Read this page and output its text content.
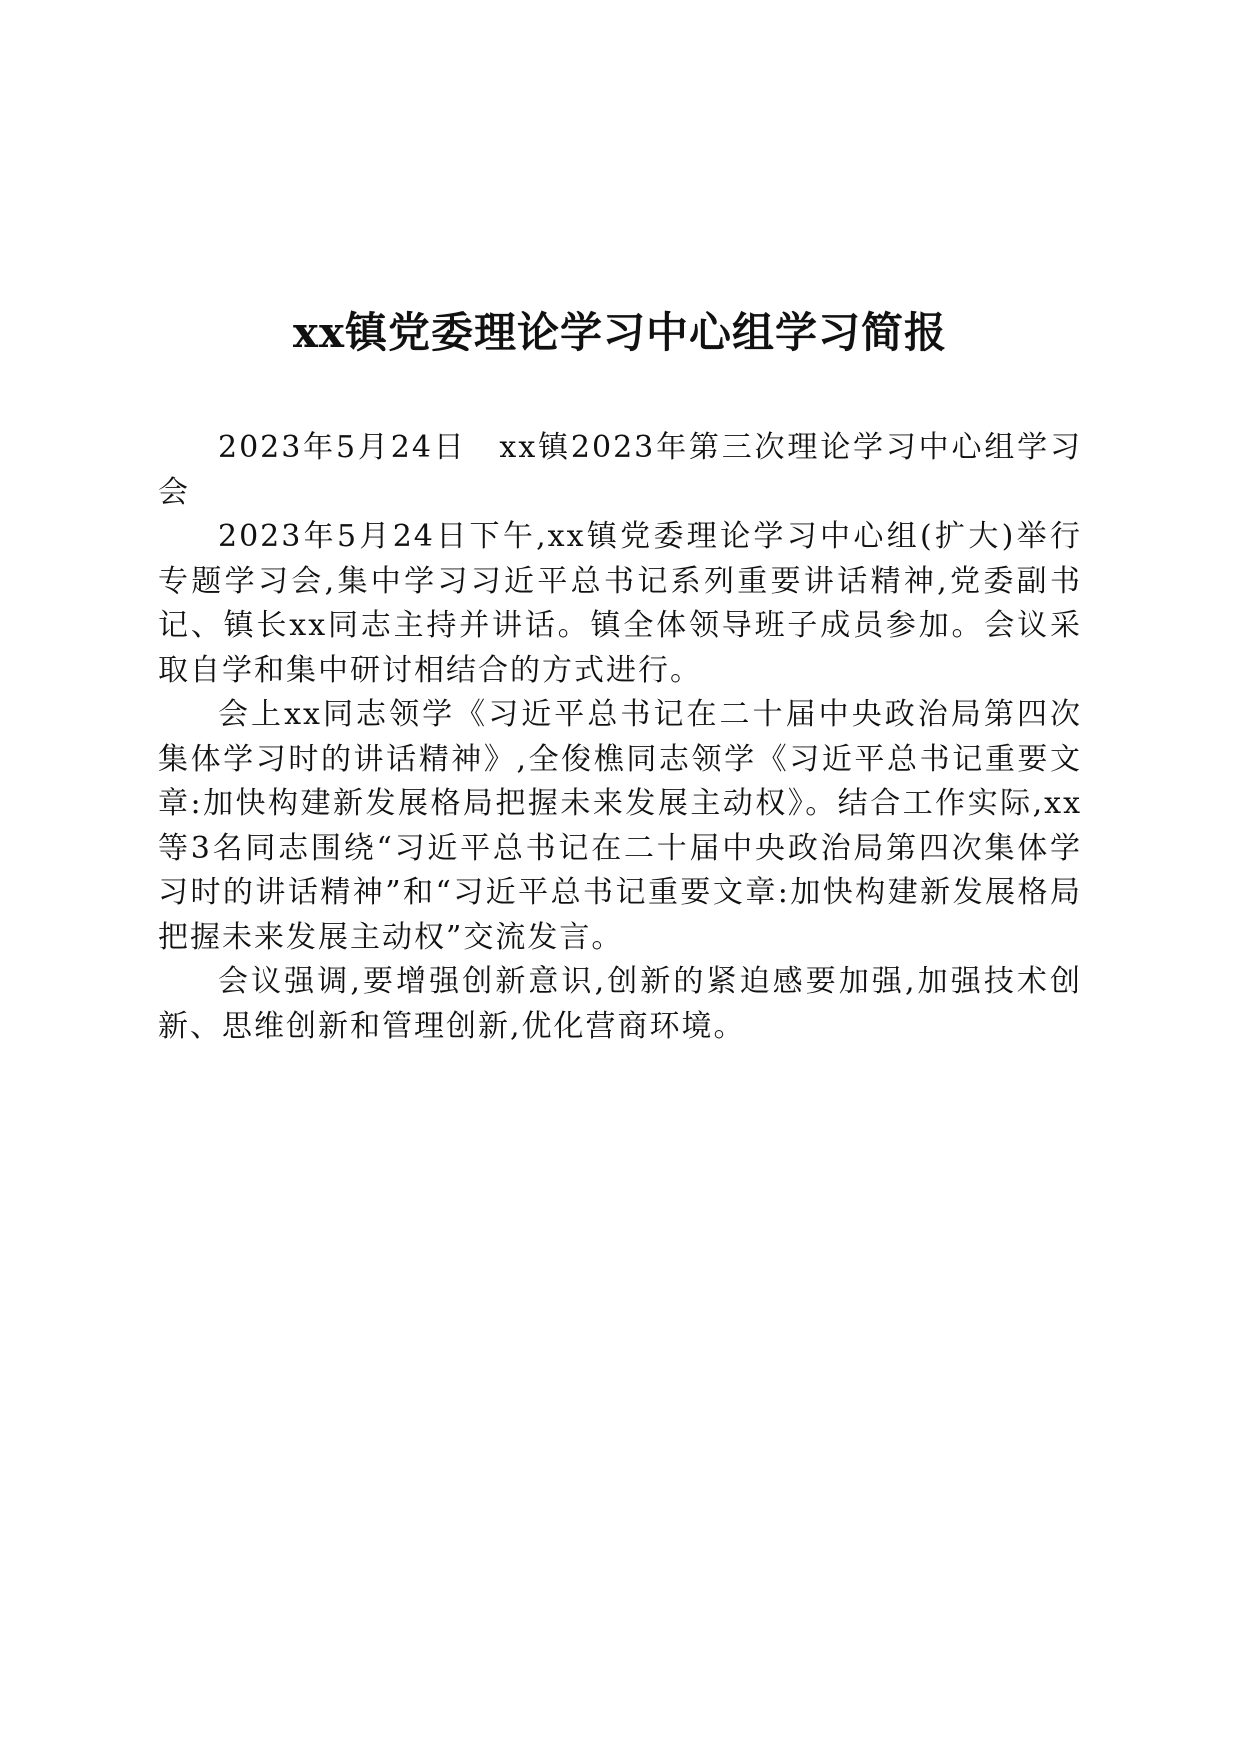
xx镇党委理论学习中心组学习简报

2023年5月24日　xx镇2023年第三次理论学习中心组学习会

2023年5月24日下午,xx镇党委理论学习中心组(扩大)举行专题学习会,集中学习习近平总书记系列重要讲话精神,党委副书记、镇长xx同志主持并讲话。镇全体领导班子成员参加。会议采取自学和集中研讨相结合的方式进行。

会上xx同志领学《习近平总书记在二十届中央政治局第四次集体学习时的讲话精神》,全俊樵同志领学《习近平总书记重要文章:加快构建新发展格局把握未来发展主动权》。结合工作实际,xx等3名同志围绕“习近平总书记在二十届中央政治局第四次集体学习时的讲话精神”和“习近平总书记重要文章:加快构建新发展格局把握未来发展主动权”交流发言。

会议强调,要增强创新意识,创新的紧迫感要加强,加强技术创新、思维创新和管理创新,优化营商环境。
